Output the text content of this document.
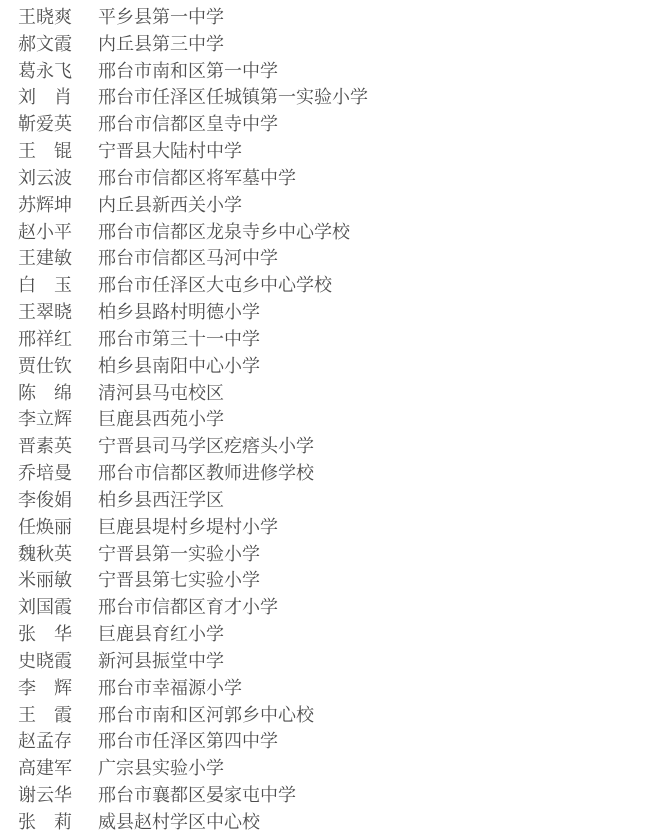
王晓爽	平乡县第一中学
郝文霞	内丘县第三中学
葛永飞	邢台市南和区第一中学
刘　肖	邢台市任泽区任城镇第一实验小学
靳爱英	邢台市信都区皇寺中学
王　锟	宁晋县大陆村中学
刘云波	邢台市信都区将军墓中学
苏辉坤	内丘县新西关小学
赵小平	邢台市信都区龙泉寺乡中心学校
王建敏	邢台市信都区马河中学
白　玉	邢台市任泽区大屯乡中心学校
王翠晓	柏乡县路村明德小学
邢祥红	邢台市第三十一中学
贾仕钦	柏乡县南阳中心小学
陈　绵	清河县马屯校区
李立辉	巨鹿县西苑小学
晋素英	宁晋县司马学区疙瘩头小学
乔培曼	邢台市信都区教师进修学校
李俊娟	柏乡县西汪学区
任焕丽	巨鹿县堤村乡堤村小学
魏秋英	宁晋县第一实验小学
米丽敏	宁晋县第七实验小学
刘国霞	邢台市信都区育才小学
张　华	巨鹿县育红小学
史晓霞	新河县振堂中学
李　辉	邢台市幸福源小学
王　霞	邢台市南和区河郭乡中心校
赵孟存	邢台市任泽区第四中学
高建军	广宗县实验小学
谢云华	邢台市襄都区晏家屯中学
张　莉	威县赵村学区中心校
